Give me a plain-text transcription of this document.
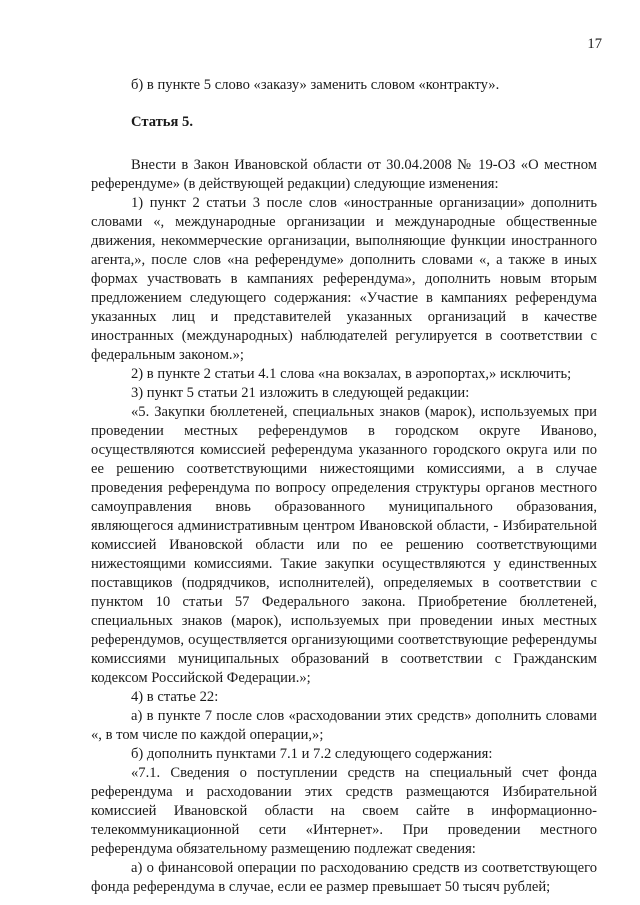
17

б) в пункте 5 слово «заказу» заменить словом «контракту».

Статья 5.

Внести в Закон Ивановской области от 30.04.2008 № 19-ОЗ «О местном референдуме» (в действующей редакции) следующие изменения:

1) пункт 2 статьи 3 после слов «иностранные организации» дополнить словами «, международные организации и международные общественные движения, некоммерческие организации, выполняющие функции иностранного агента,», после слов «на референдуме» дополнить словами «, а также в иных формах участвовать в кампаниях референдума», дополнить новым вторым предложением следующего содержания: «Участие в кампаниях референдума указанных лиц и представителей указанных организаций в качестве иностранных (международных) наблюдателей регулируется в соответствии с федеральным законом.»;

2) в пункте 2 статьи 4.1 слова «на вокзалах, в аэропортах,» исключить;

3) пункт 5 статьи 21 изложить в следующей редакции:

«5. Закупки бюллетеней, специальных знаков (марок), используемых при проведении местных референдумов в городском округе Иваново, осуществляются комиссией референдума указанного городского округа или по ее решению соответствующими нижестоящими комиссиями, а в случае проведения референдума по вопросу определения структуры органов местного самоуправления вновь образованного муниципального образования, являющегося административным центром Ивановской области, - Избирательной комиссией Ивановской области или по ее решению соответствующими нижестоящими комиссиями. Такие закупки осуществляются у единственных поставщиков (подрядчиков, исполнителей), определяемых в соответствии с пунктом 10 статьи 57 Федерального закона. Приобретение бюллетеней, специальных знаков (марок), используемых при проведении иных местных референдумов, осуществляется организующими соответствующие референдумы комиссиями муниципальных образований в соответствии с Гражданским кодексом Российской Федерации.»;

4) в статье 22:

а) в пункте 7 после слов «расходовании этих средств» дополнить словами «, в том числе по каждой операции,»;

б) дополнить пунктами 7.1 и 7.2 следующего содержания:

«7.1. Сведения о поступлении средств на специальный счет фонда референдума и расходовании этих средств размещаются Избирательной комиссией Ивановской области на своем сайте в информационно-телекоммуникационной сети «Интернет». При проведении местного референдума обязательному размещению подлежат сведения:

а) о финансовой операции по расходованию средств из соответствующего фонда референдума в случае, если ее размер превышает 50 тысяч рублей;
